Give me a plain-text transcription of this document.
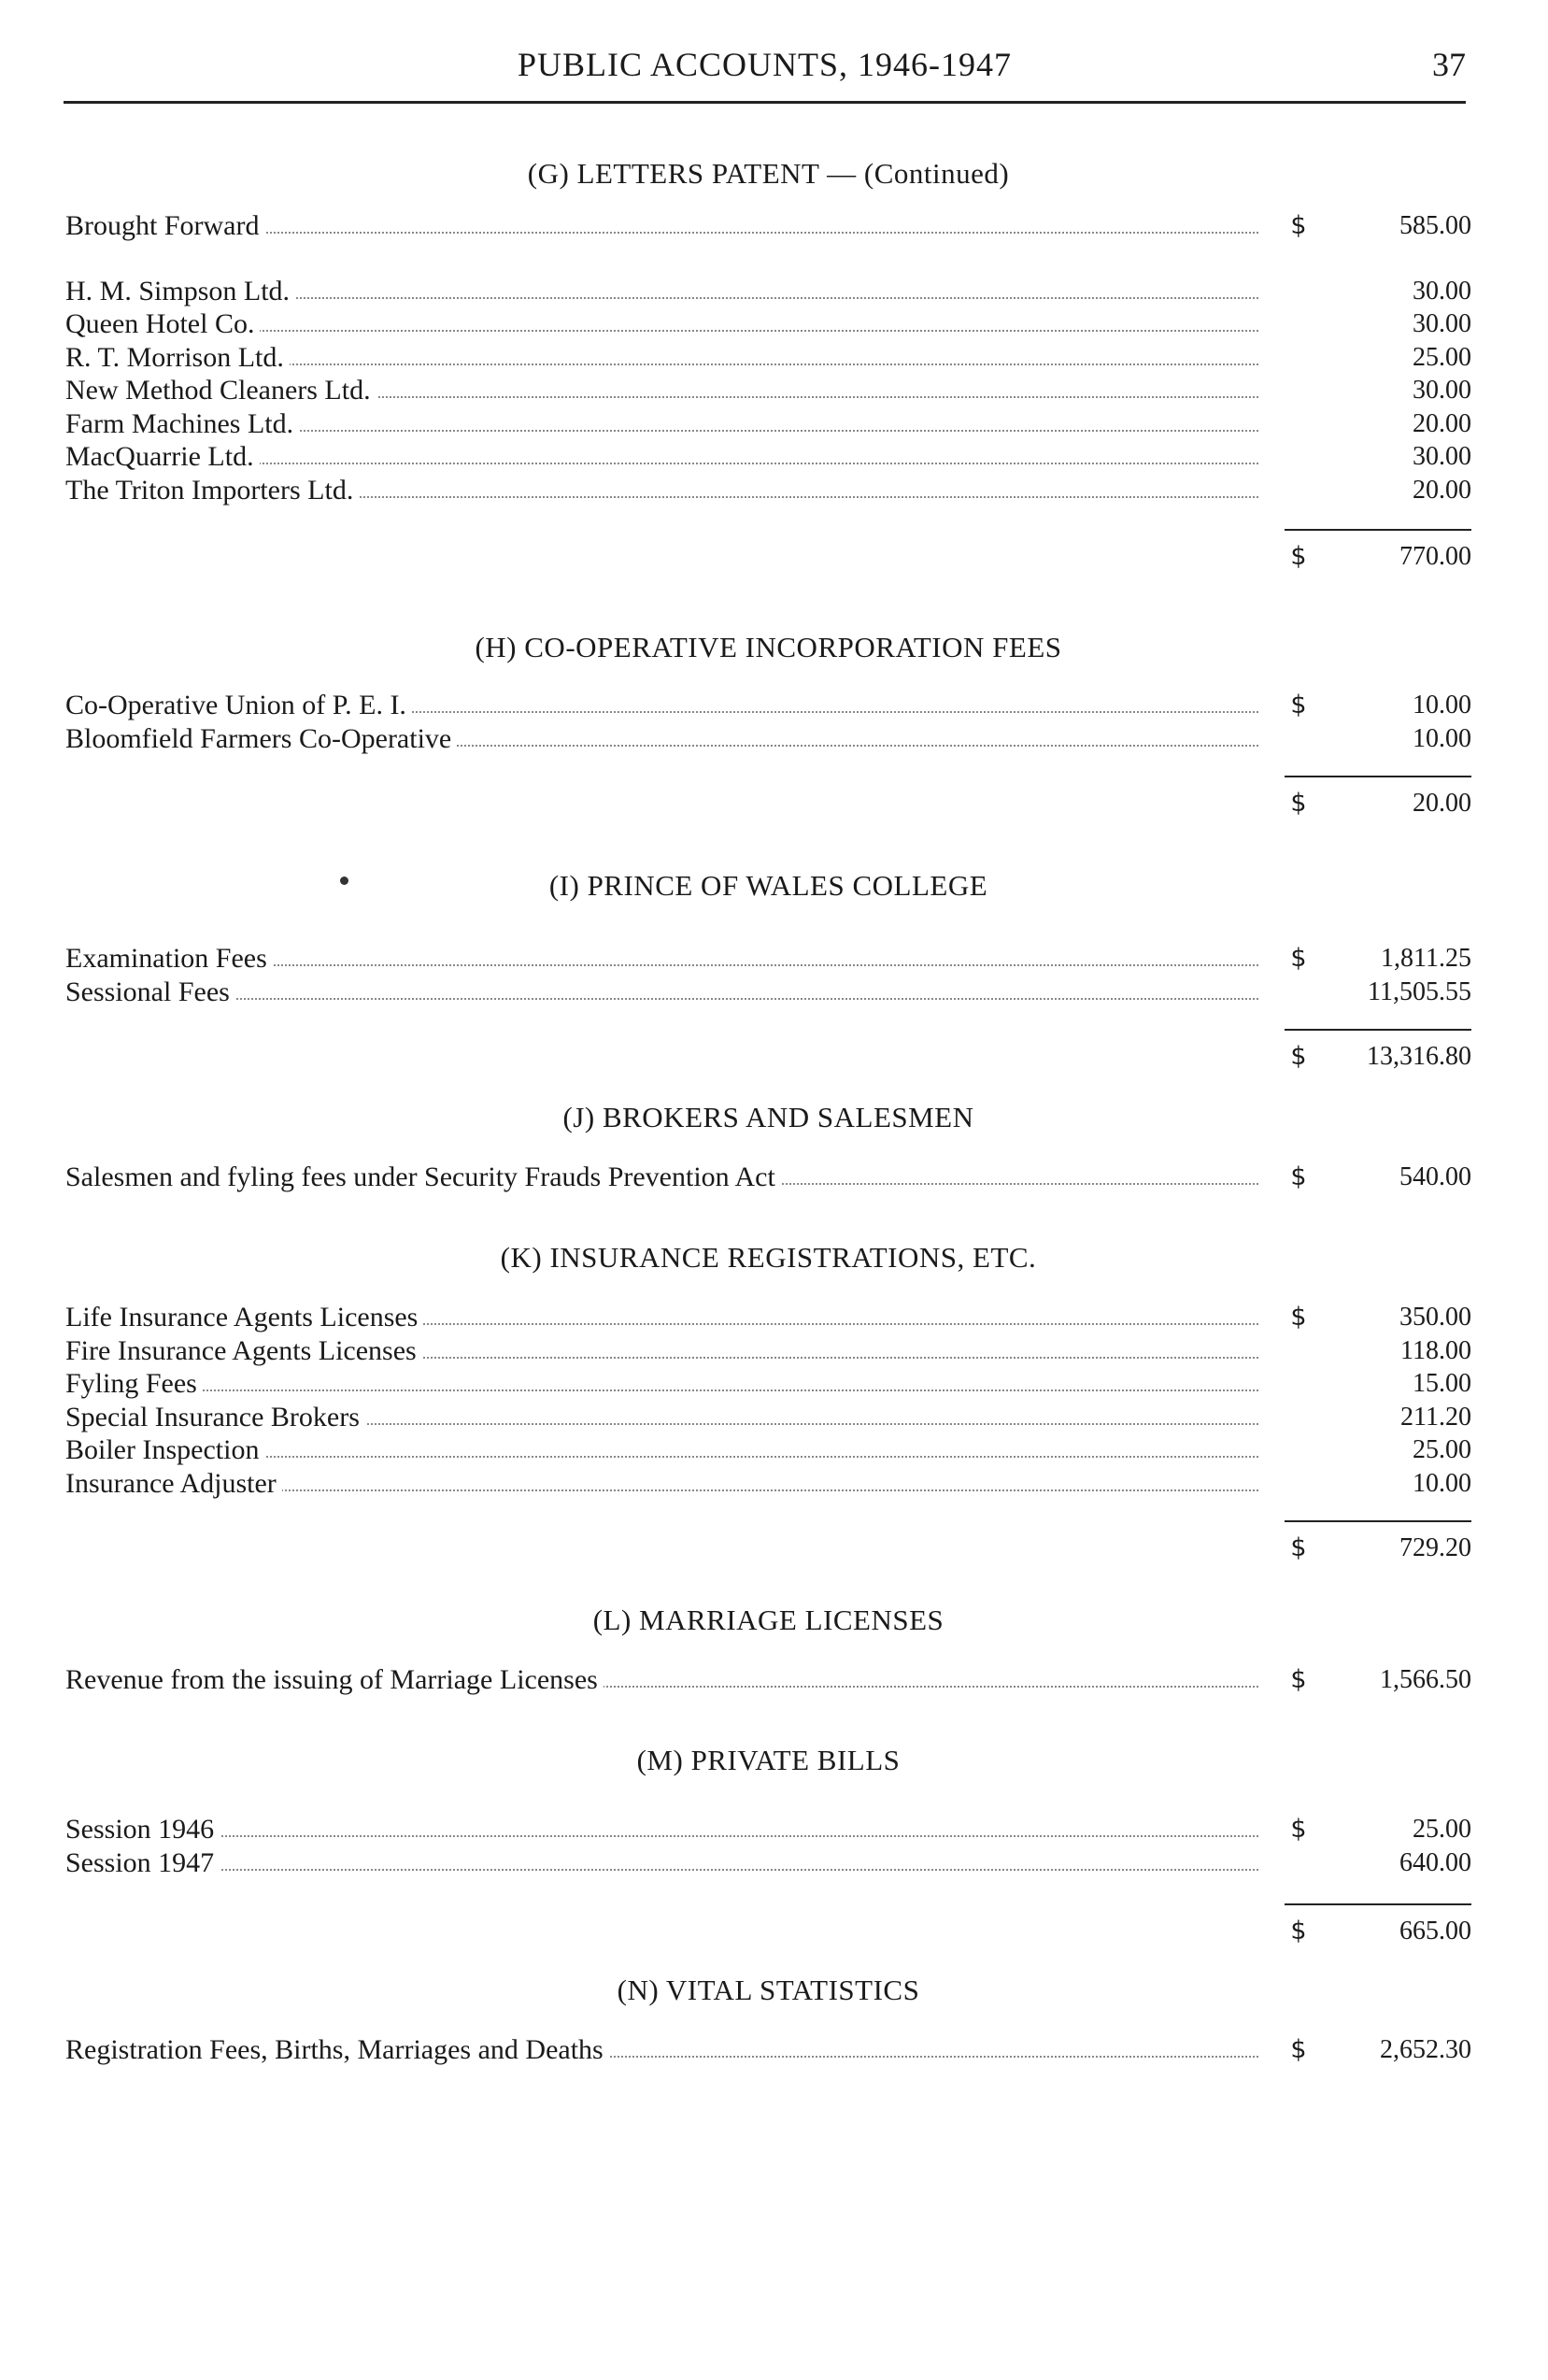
PUBLIC ACCOUNTS, 1946-1947	37
(G) LETTERS PATENT — (Continued)
Brought Forward	$	585.00
H. M. Simpson Ltd.	30.00
Queen Hotel Co.	30.00
R. T. Morrison Ltd.	25.00
New Method Cleaners Ltd.	30.00
Farm Machines Ltd.	20.00
MacQuarrie Ltd.	30.00
The Triton Importers Ltd.	20.00
$	770.00
(H) CO-OPERATIVE INCORPORATION FEES
Co-Operative Union of P. E. I.	$	10.00
Bloomfield Farmers Co-Operative	10.00
$	20.00
(I) PRINCE OF WALES COLLEGE
Examination Fees	$	1,811.25
Sessional Fees	11,505.55
$	13,316.80
(J) BROKERS AND SALESMEN
Salesmen and fyling fees under Security Frauds Prevention Act	$	540.00
(K) INSURANCE REGISTRATIONS, ETC.
Life Insurance Agents Licenses	$	350.00
Fire Insurance Agents Licenses	118.00
Fyling Fees	15.00
Special Insurance Brokers	211.20
Boiler Inspection	25.00
Insurance Adjuster	10.00
$	729.20
(L) MARRIAGE LICENSES
Revenue from the issuing of Marriage Licenses	$	1,566.50
(M) PRIVATE BILLS
Session 1946	$	25.00
Session 1947	640.00
$	665.00
(N) VITAL STATISTICS
Registration Fees, Births, Marriages and Deaths	$	2,652.30
